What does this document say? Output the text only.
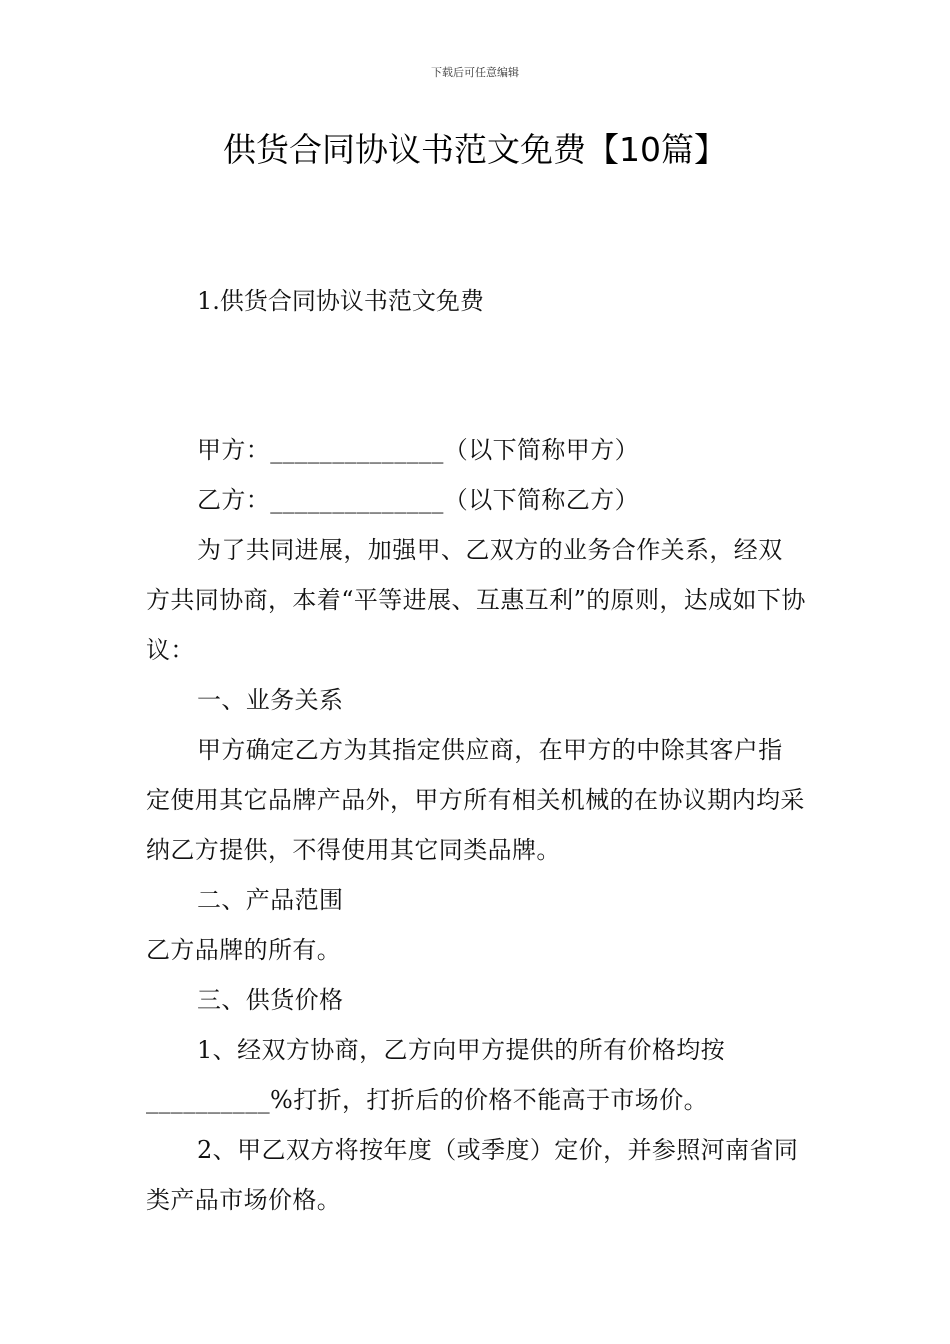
下载后可任意编辑
供货合同协议书范文免费【10篇】
1.供货合同协议书范文免费

甲方：______________（以下简称甲方）

乙方：______________（以下简称乙方）

为了共同进展，加强甲、乙双方的业务合作关系，经双方共同协商，本着“平等进展、互惠互利”的原则，达成如下协议：

一、业务关系

甲方确定乙方为其指定供应商，在甲方的中除其客户指定使用其它品牌产品外，甲方所有相关机械的在协议期内均采纳乙方提供，不得使用其它同类品牌。

二、产品范围

乙方品牌的所有。

三、供货价格

1、经双方协商，乙方向甲方提供的所有价格均按__________%打折，打折后的价格不能高于市场价。

2、甲乙双方将按年度（或季度）定价，并参照河南省同类产品市场价格。
